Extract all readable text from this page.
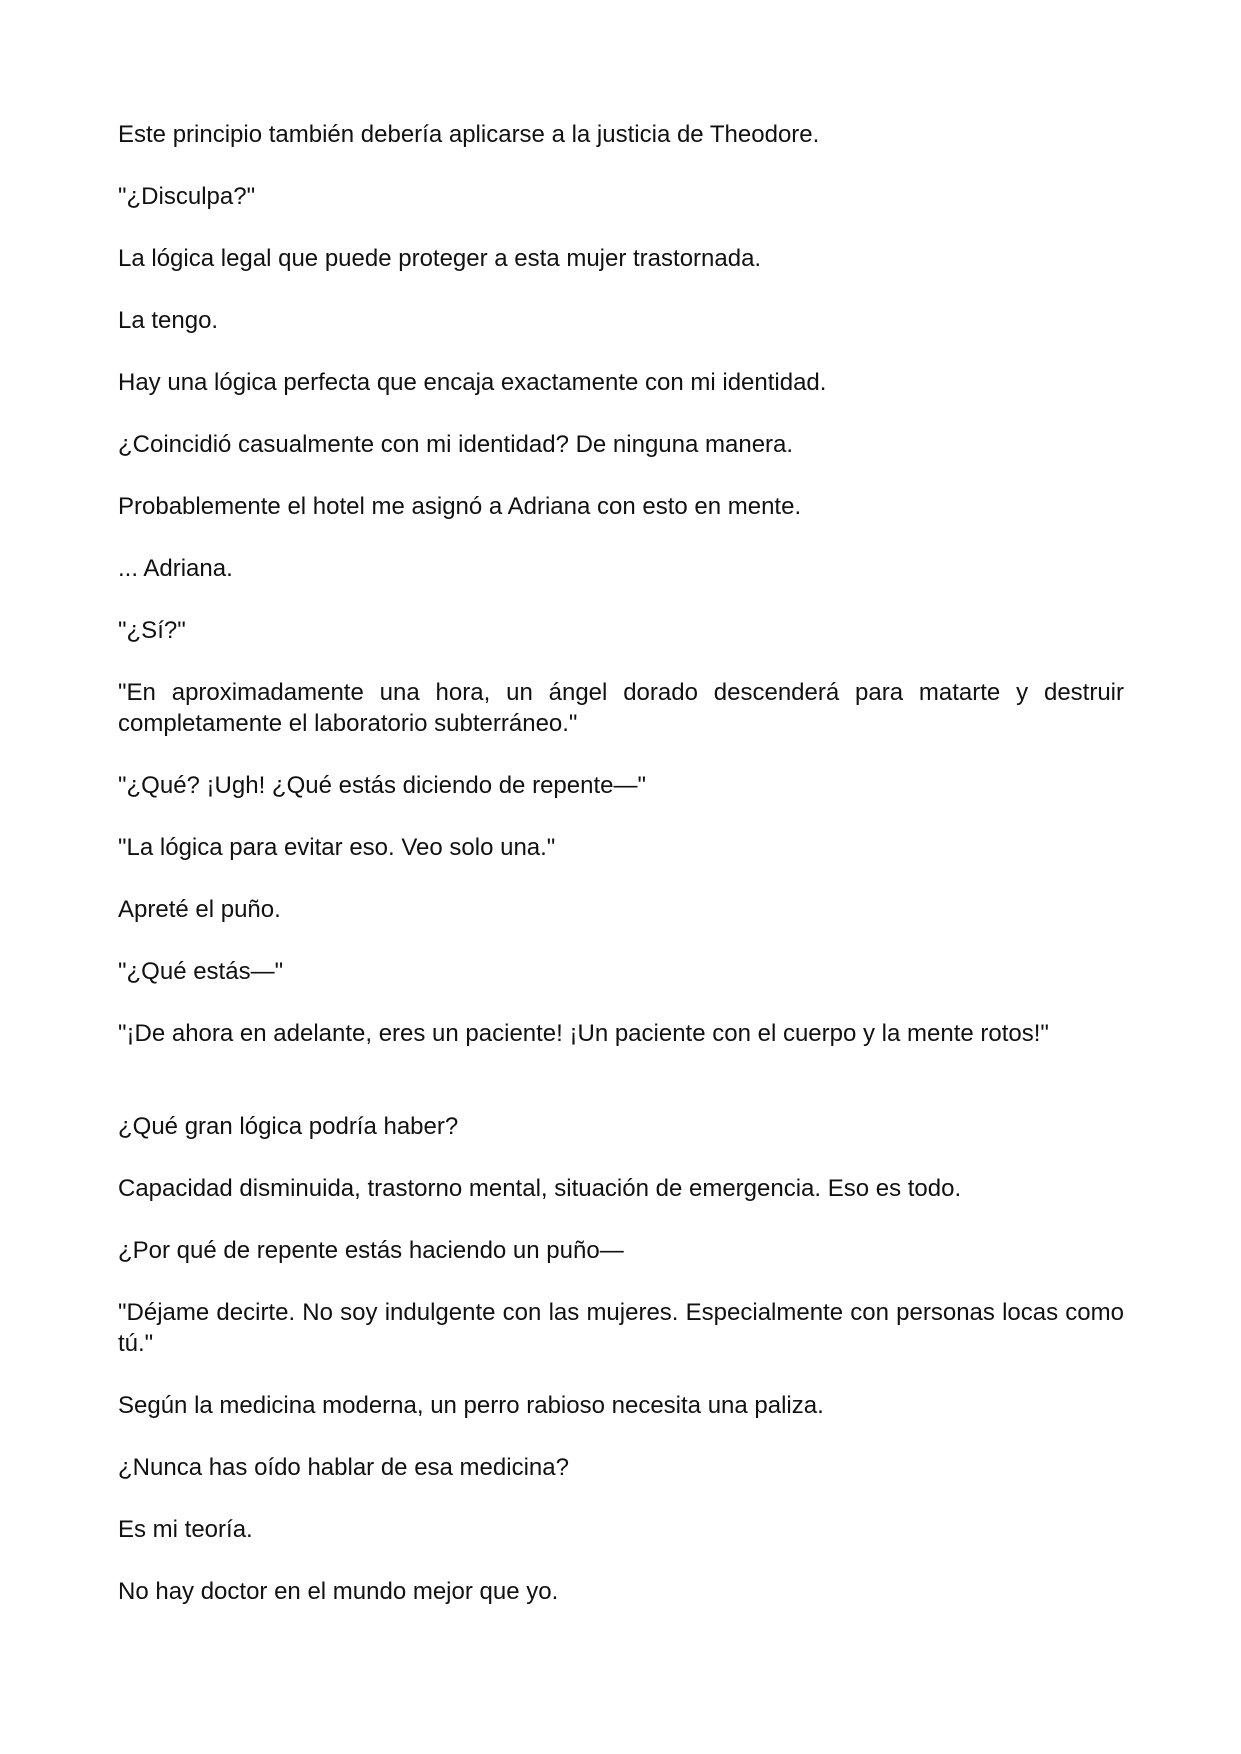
Este principio también debería aplicarse a la justicia de Theodore.

"¿Disculpa?"

La lógica legal que puede proteger a esta mujer trastornada.

La tengo.

Hay una lógica perfecta que encaja exactamente con mi identidad.

¿Coincidió casualmente con mi identidad? De ninguna manera.

Probablemente el hotel me asignó a Adriana con esto en mente.

... Adriana.

"¿Sí?"

"En aproximadamente una hora, un ángel dorado descenderá para matarte y destruir completamente el laboratorio subterráneo."

"¿Qué? ¡Ugh! ¿Qué estás diciendo de repente—"

"La lógica para evitar eso. Veo solo una."

Apreté el puño.

"¿Qué estás—"

"¡De ahora en adelante, eres un paciente! ¡Un paciente con el cuerpo y la mente rotos!"

¿Qué gran lógica podría haber?

Capacidad disminuida, trastorno mental, situación de emergencia. Eso es todo.

¿Por qué de repente estás haciendo un puño—

"Déjame decirte. No soy indulgente con las mujeres. Especialmente con personas locas como tú."

Según la medicina moderna, un perro rabioso necesita una paliza.

¿Nunca has oído hablar de esa medicina?

Es mi teoría.

No hay doctor en el mundo mejor que yo.
